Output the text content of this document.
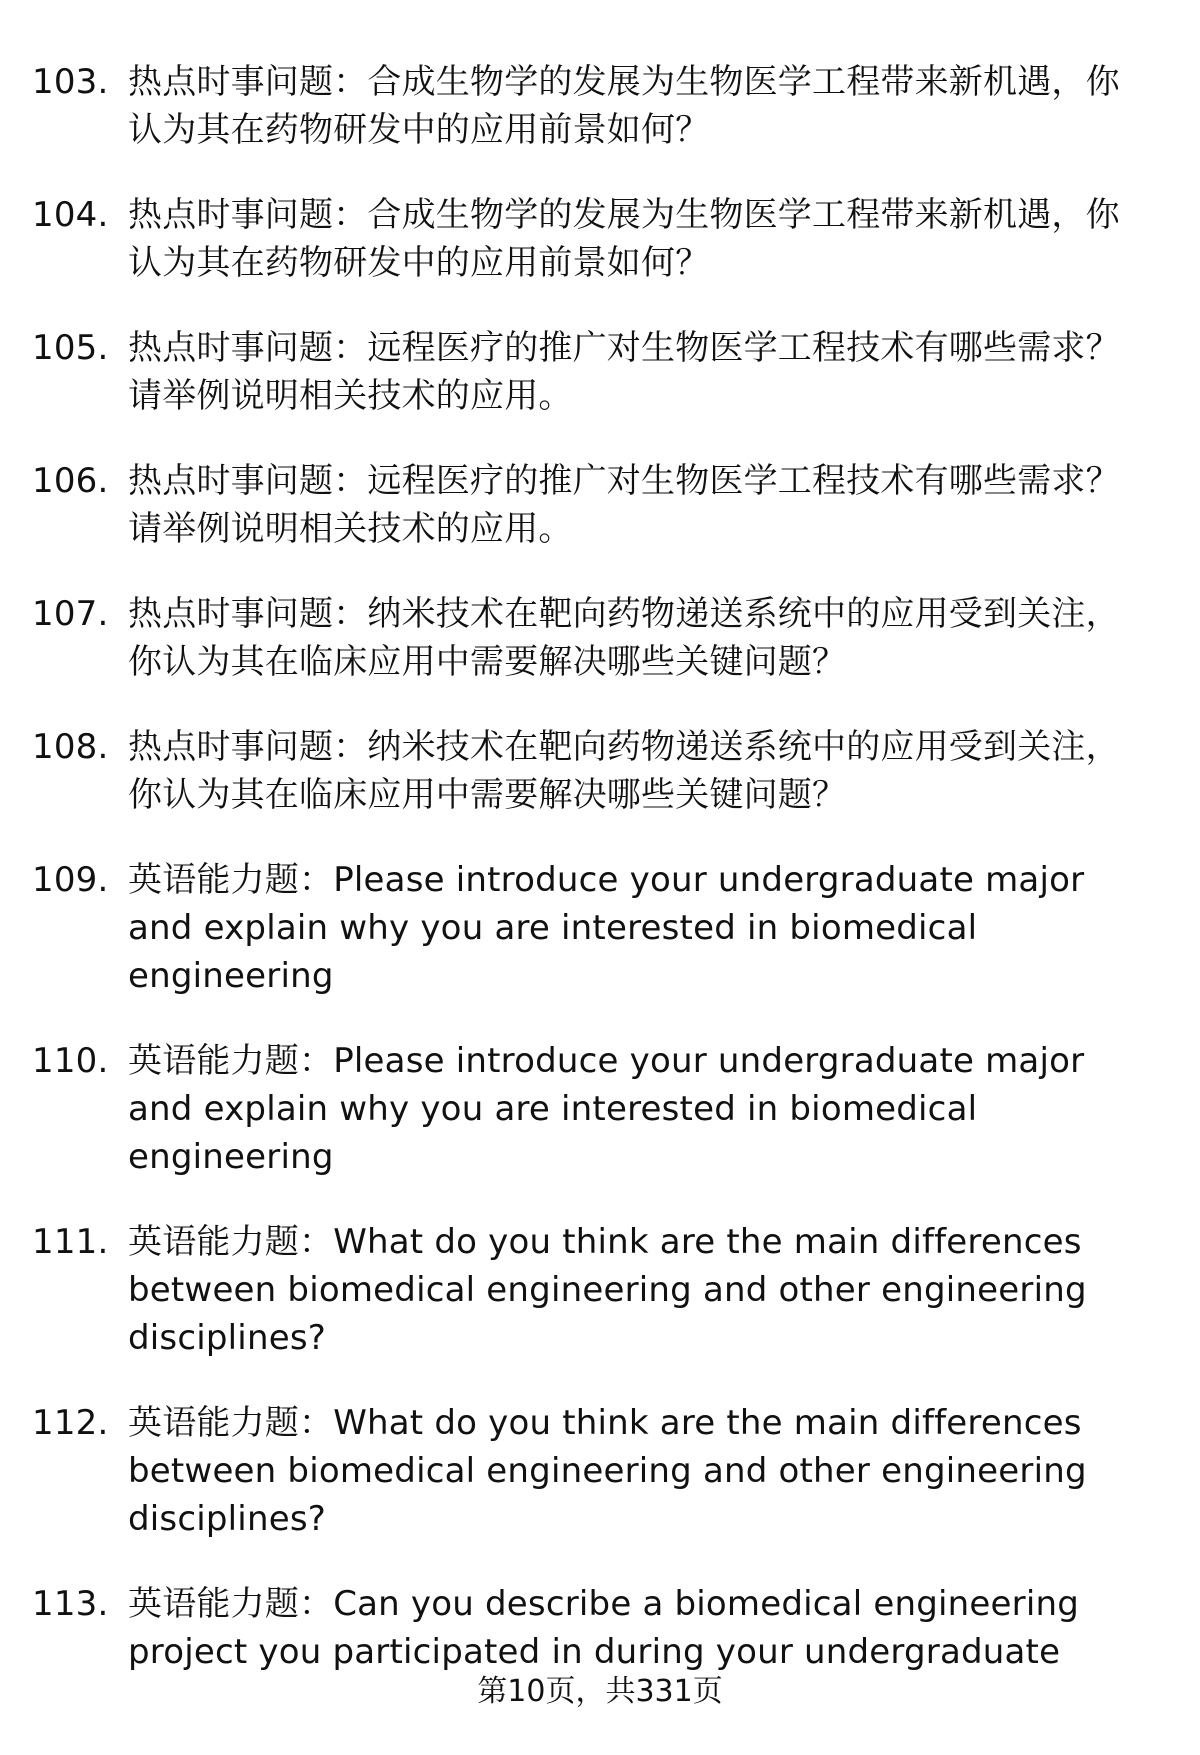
103. 热点时事问题：合成生物学的发展为生物医学工程带来新机遇，你认为其在药物研发中的应用前景如何？
104. 热点时事问题：合成生物学的发展为生物医学工程带来新机遇，你认为其在药物研发中的应用前景如何？
105. 热点时事问题：远程医疗的推广对生物医学工程技术有哪些需求？请举例说明相关技术的应用。
106. 热点时事问题：远程医疗的推广对生物医学工程技术有哪些需求？请举例说明相关技术的应用。
107. 热点时事问题：纳米技术在靶向药物递送系统中的应用受到关注，你认为其在临床应用中需要解决哪些关键问题？
108. 热点时事问题：纳米技术在靶向药物递送系统中的应用受到关注，你认为其在临床应用中需要解决哪些关键问题？
109. 英语能力题：Please introduce your undergraduate major and explain why you are interested in biomedical engineering
110. 英语能力题：Please introduce your undergraduate major and explain why you are interested in biomedical engineering
111. 英语能力题：What do you think are the main differences between biomedical engineering and other engineering disciplines?
112. 英语能力题：What do you think are the main differences between biomedical engineering and other engineering disciplines?
113. 英语能力题：Can you describe a biomedical engineering project you participated in during your undergraduate
第10页，共331页
